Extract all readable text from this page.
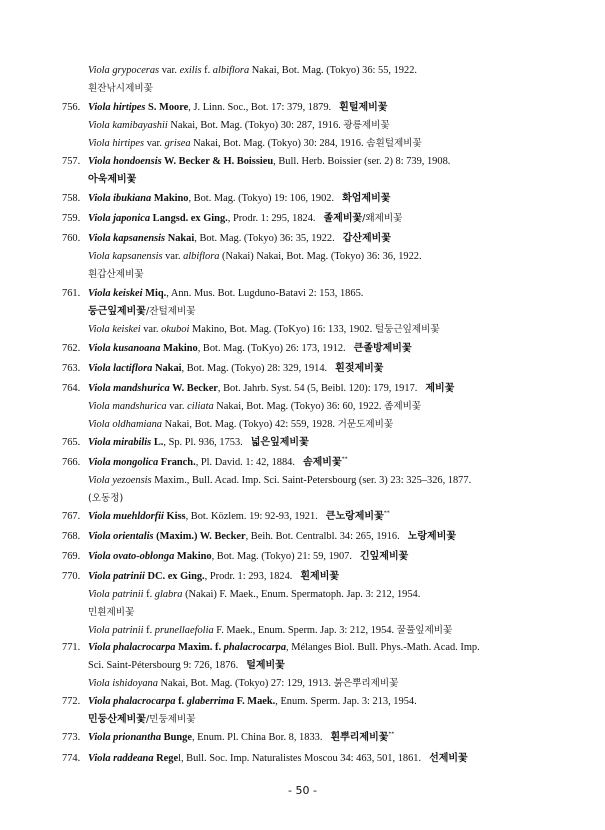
Viola grypoceras var. exilis f. albiflora Nakai, Bot. Mag. (Tokyo) 36: 55, 1922.
흰잔낚시제비꽃
756. Viola hirtipes S. Moore, J. Linn. Soc., Bot. 17: 379, 1879. 흰털제비꽃
Viola kamibayashii Nakai, Bot. Mag. (Tokyo) 30: 287, 1916. 광릉제비꽃
Viola hirtipes var. grisea Nakai, Bot. Mag. (Tokyo) 30: 284, 1916. 솜흰털제비꽃
757. Viola hondoensis W. Becker & H. Boissieu, Bull. Herb. Boissier (ser. 2) 8: 739, 1908.
아욱제비꽃
758. Viola ibukiana Makino, Bot. Mag. (Tokyo) 19: 106, 1902. 화엄제비꽃
759. Viola japonica Langsd. ex Ging., Prodr. 1: 295, 1824. 졸제비꽃/왜제비꽃
760. Viola kapsanensis Nakai, Bot. Mag. (Tokyo) 36: 35, 1922. 갑산제비꽃
Viola kapsanensis var. albiflora (Nakai) Nakai, Bot. Mag. (Tokyo) 36: 36, 1922.
흰갑산제비꽃
761. Viola keiskei Miq., Ann. Mus. Bot. Lugduno-Batavi 2: 153, 1865.
둥근잎제비꽃/잔털제비꽃
Viola keiskei var. okuboi Makino, Bot. Mag. (ToKyo) 16: 133, 1902. 털둥근잎제비꽃
762. Viola kusanoana Makino, Bot. Mag. (ToKyo) 26: 173, 1912. 큰졸방제비꽃
763. Viola lactiflora Nakai, Bot. Mag. (Tokyo) 28: 329, 1914. 흰젖제비꽃
764. Viola mandshurica W. Becker, Bot. Jahrb. Syst. 54 (5, Beibl. 120): 179, 1917. 제비꽃
Viola mandshurica var. ciliata Nakai, Bot. Mag. (Tokyo) 36: 60, 1922. 좀제비꽃
Viola oldhamiana Nakai, Bot. Mag. (Tokyo) 42: 559, 1928. 거문도제비꽃
765. Viola mirabilis L., Sp. Pl. 936, 1753. 넓은잎제비꽃
766. Viola mongolica Franch., Pl. David. 1: 42, 1884. 솜제비꽃**
Viola yezoensis Maxim., Bull. Acad. Imp. Sci. Saint-Petersbourg (ser. 3) 23: 325–326, 1877.
(오동정)
767. Viola muehldorfii Kiss, Bot. Közlem. 19: 92-93, 1921. 큰노랑제비꽃**
768. Viola orientalis (Maxim.) W. Becker, Beih. Bot. Centralbl. 34: 265, 1916. 노랑제비꽃
769. Viola ovato-oblonga Makino, Bot. Mag. (Tokyo) 21: 59, 1907. 긴잎제비꽃
770. Viola patrinii DC. ex Ging., Prodr. 1: 293, 1824. 흰제비꽃
Viola patrinii f. glabra (Nakai) F. Maek., Enum. Spermatoph. Jap. 3: 212, 1954.
민흰제비꽃
Viola patrinii f. prunellaefolia F. Maek., Enum. Sperm. Jap. 3: 212, 1954. 꿀풀잎제비꽃
771. Viola phalacrocarpa Maxim. f. phalacrocarpa, Mélanges Biol. Bull. Phys.-Math. Acad. Imp.
Sci. Saint-Pétersbourg 9: 726, 1876. 털제비꽃
Viola ishidoyana Nakai, Bot. Mag. (Tokyo) 27: 129, 1913. 붉은뿌리제비꽃
772. Viola phalacrocarpa f. glaberrima F. Maek., Enum. Sperm. Jap. 3: 213, 1954.
민둥산제비꽃/민둥제비꽃
773. Viola prionantha Bunge, Enum. Pl. China Bor. 8, 1833. 흰뿌리제비꽃**
774. Viola raddeana Regel, Bull. Soc. Imp. Naturalistes Moscou 34: 463, 501, 1861. 선제비꽃
- 50 -
